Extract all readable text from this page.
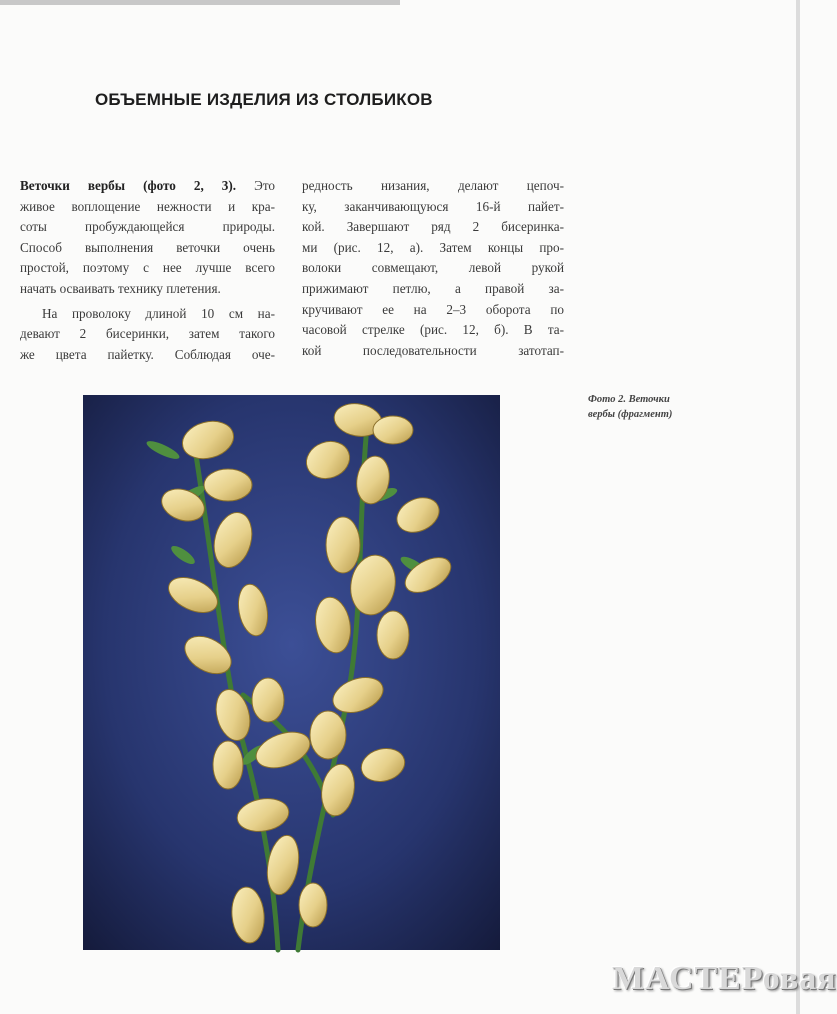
ОБЪЕМНЫЕ ИЗДЕЛИЯ ИЗ СТОЛБИКОВ
Веточки вербы (фото 2, 3). Это
живое воплощение нежности и кра-
соты пробуждающейся природы.
Способ выполнения веточки очень
простой, поэтому с нее лучше всего
начать осваивать технику плетения.
На проволоку длиной 10 см на-
девают 2 бисеринки, затем такого
же цвета пайетку. Соблюдая оче-
редность низания, делают цепоч-
ку, заканчивающуюся 16-й пайет-
кой. Завершают ряд 2 бисеринка-
ми (рис. 12, а). Затем концы про-
волоки совмещают, левой рукой
прижимают петлю, а правой за-
кручивают ее на 2–3 оборота по
часовой стрелке (рис. 12, б). В та-
кой последовательности затотап-
Фото 2. Веточки вербы (фрагмент)
МАСТЕРовая
